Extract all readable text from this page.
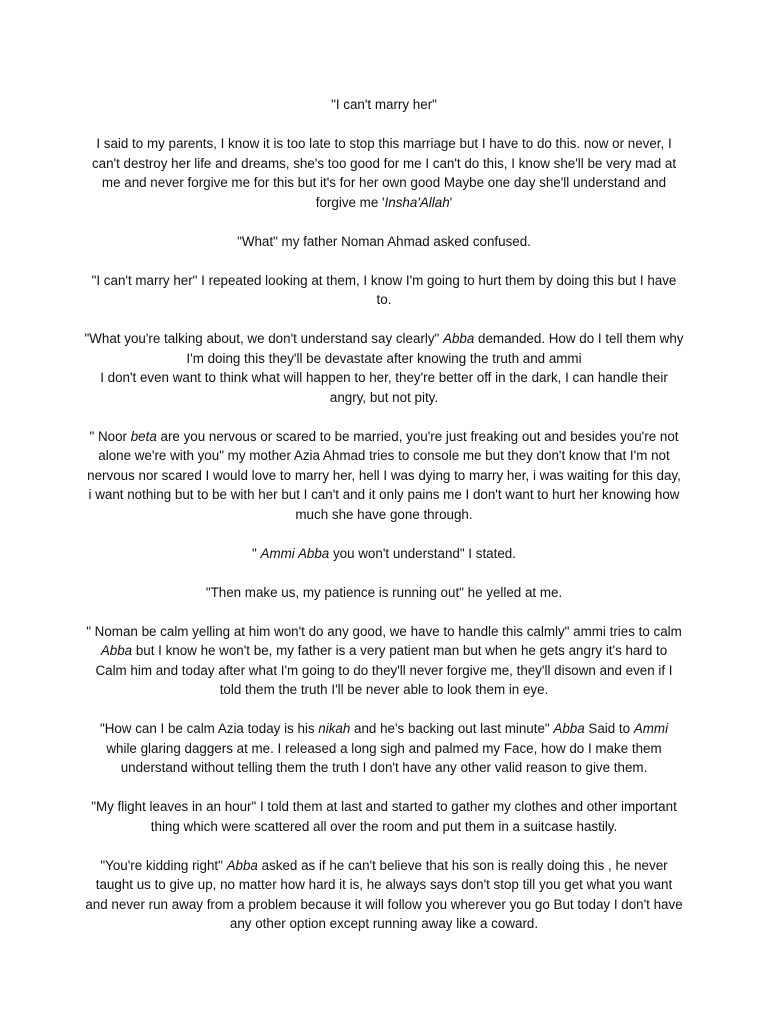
"I can't marry her"

I said to my parents, I know it is too late to stop this marriage but I have to do this. now or never, I can't destroy her life and dreams, she's too good for me I can't do this, I know she'll be very mad at me and never forgive me for this but it's for her own good Maybe one day she'll understand and forgive me 'Insha'Allah'

"What" my father Noman Ahmad asked confused.

"I can't marry her" I repeated looking at them, I know I'm going to hurt them by doing this but I have to.

"What you're talking about, we don't understand say clearly" Abba demanded. How do I tell them why I'm doing this they'll be devastate after knowing the truth and ammi
I don't even want to think what will happen to her, they're better off in the dark, I can handle their angry, but not pity.

" Noor beta are you nervous or scared to be married, you're just freaking out and besides you're not alone we're with you" my mother Azia Ahmad tries to console me but they don't know that I'm not nervous nor scared I would love to marry her, hell I was dying to marry her, i was waiting for this day, i want nothing but to be with her but I can't and it only pains me I don't want to hurt her knowing how much she have gone through.

" Ammi Abba you won't understand" I stated.

"Then make us, my patience is running out" he yelled at me.

" Noman be calm yelling at him won't do any good, we have to handle this calmly" ammi tries to calm Abba but I know he won't be, my father is a very patient man but when he gets angry it's hard to Calm him and today after what I'm going to do they'll never forgive me, they'll disown and even if I told them the truth I'll be never able to look them in eye.

"How can I be calm Azia today is his nikah and he's backing out last minute" Abba Said to Ammi while glaring daggers at me. I released a long sigh and palmed my Face, how do I make them understand without telling them the truth I don't have any other valid reason to give them.

"My flight leaves in an hour" I told them at last and started to gather my clothes and other important thing which were scattered all over the room and put them in a suitcase hastily.

"You're kidding right" Abba asked as if he can't believe that his son is really doing this , he never taught us to give up, no matter how hard it is, he always says don't stop till you get what you want and never run away from a problem because it will follow you wherever you go But today I don't have any other option except running away like a coward.
